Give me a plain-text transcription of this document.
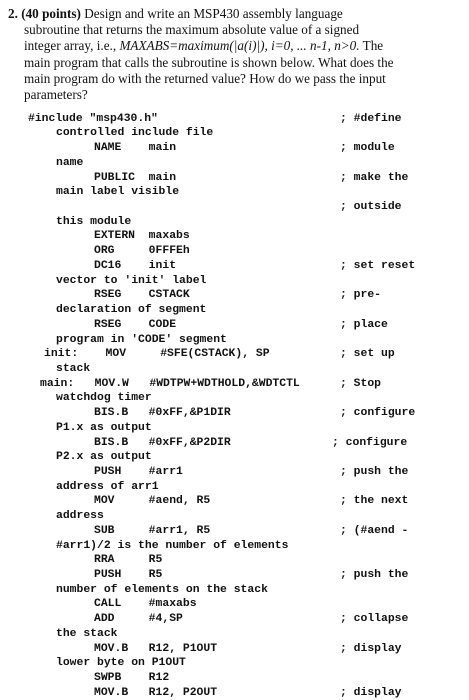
2. (40 points) Design and write an MSP430 assembly language
subroutine that returns the maximum absolute value of a signed
integer array, i.e., MAXABS=maximum(|a(i)|), i=0, ... n-1, n>0. The
main program that calls the subroutine is shown below. What does the
main program do with the returned value? How do we pass the input
parameters?
#include "msp430.h"
controlled include file
NAME    main
name
PUBLIC  main
main label visible
this module
EXTERN  maxabs
ORG     0FFFEh
DC16    init
vector to 'init' label
RSEG    CSTACK
declaration of segment
RSEG    CODE
program in 'CODE' segment
init:    MOV     #SFE(CSTACK), SP
stack
main:   MOV.W   #WDTPW+WDTHOLD,&WDTCTL
watchdog timer
BIS.B   #0xFF,&P1DIR
P1.x as output
BIS.B   #0xFF,&P2DIR
P2.x as output
PUSH    #arr1
address of arr1
MOV     #aend, R5
address
SUB     #arr1, R5
#arr1)/2 is the number of elements
RRA     R5
PUSH    R5
number of elements on the stack
CALL    #maxabs
ADD     #4,SP
the stack
MOV.B   R12, P1OUT
lower byte on P1OUT
SWPB    R12
MOV.B   R12, P2OUT
; #define
; module
; make the
; outside
; set reset
; pre-
; place
; set up
; Stop
; configure
; configure
; push the
; the next
; (#aend -
; push the
; collapse
; display
; display
